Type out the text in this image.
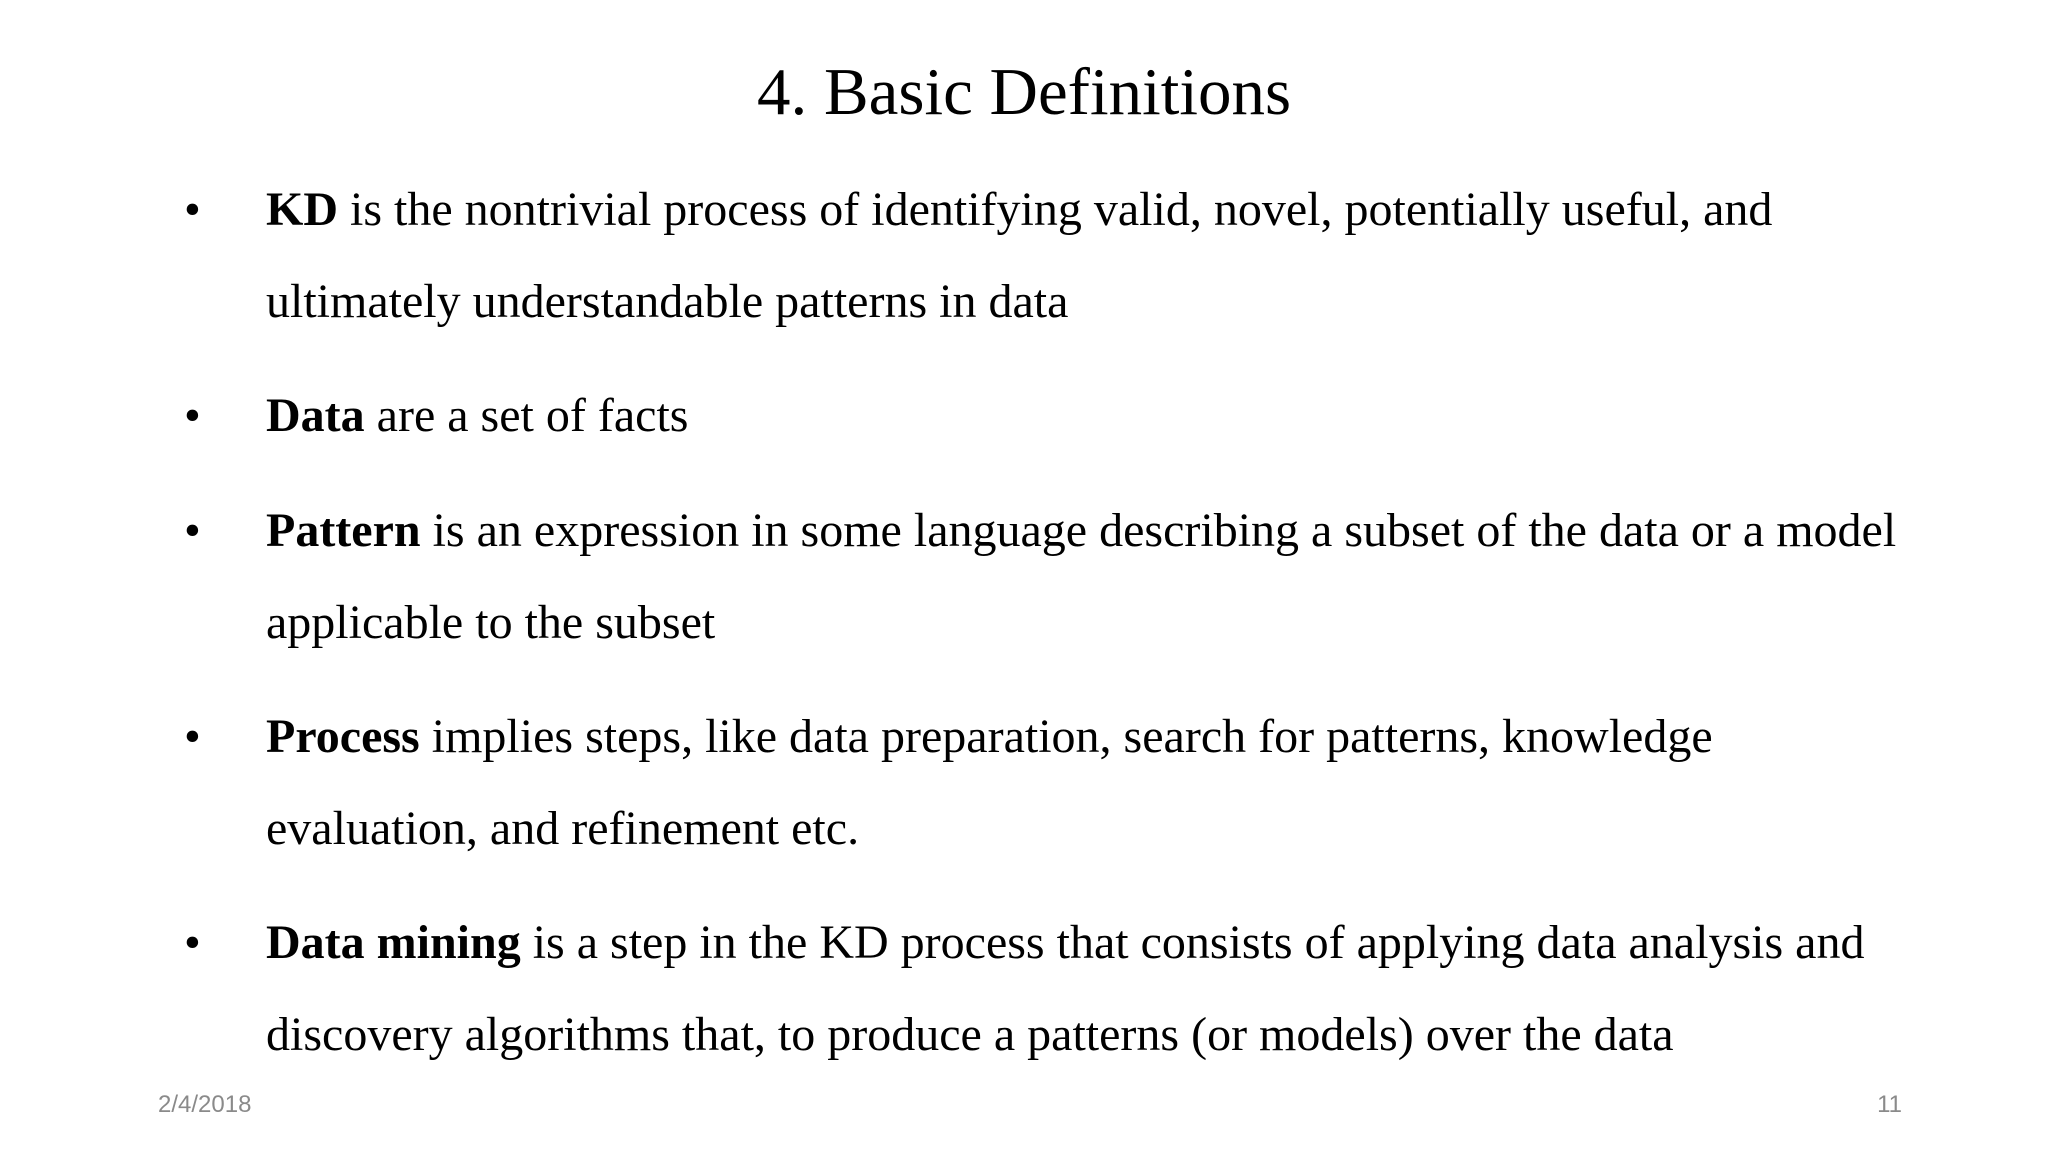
4. Basic Definitions
• KD is the nontrivial process of identifying valid, novel, potentially useful, and ultimately understandable patterns in data
• Data are a set of facts
• Pattern is an expression in some language describing a subset of the data or a model applicable to the subset
• Process implies steps, like data preparation, search for patterns, knowledge evaluation, and refinement etc.
• Data mining is a step in the KD process that consists of applying data analysis and discovery algorithms that, to produce a patterns (or models) over the data
2/4/2018	11
